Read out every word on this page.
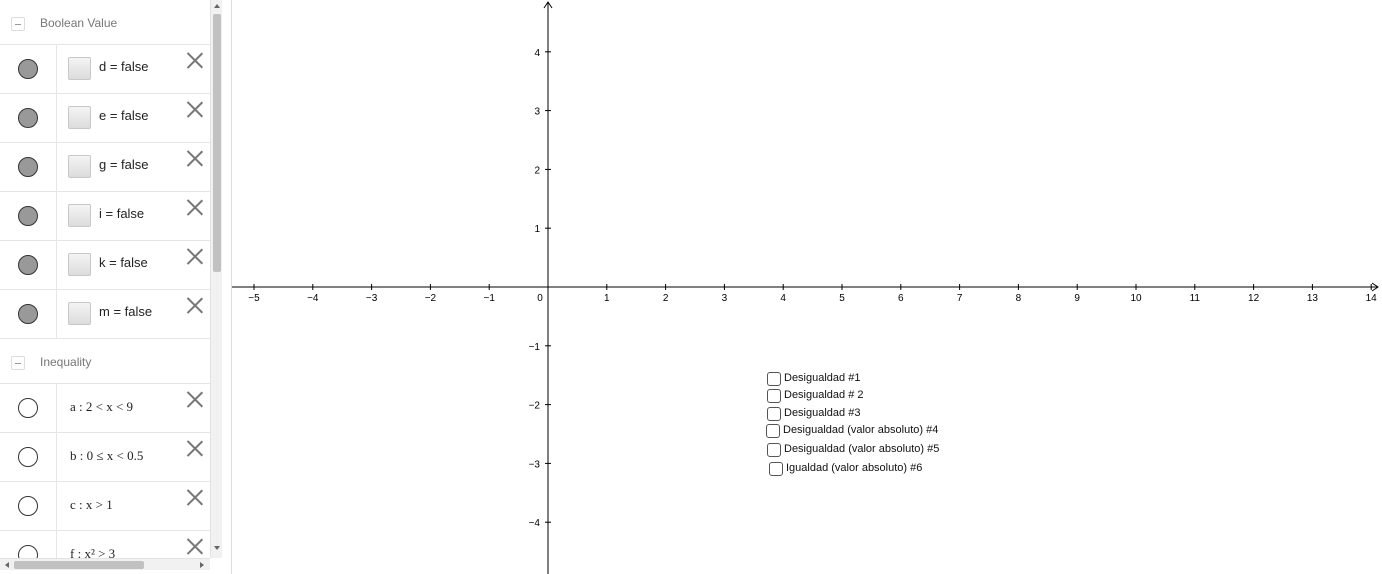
Boolean Value
d = false
e = false
g = false
i = false
k = false
m = false
Inequality
a : 2 < x < 9
b : 0 ≤ x < 0.5
c : x > 1
f : x² > 3
−5	−4	−3	−2	−1	0	1	2	3	4	5	6	7	8	9	10	11	12	13	14
1
2
3
4
−1
−2
−3
−4
Desigualdad #1
Desigualdad # 2
Desigualdad #3
Desigualdad (valor absoluto) #4
Desigualdad (valor absoluto) #5
Igualdad (valor absoluto) #6
